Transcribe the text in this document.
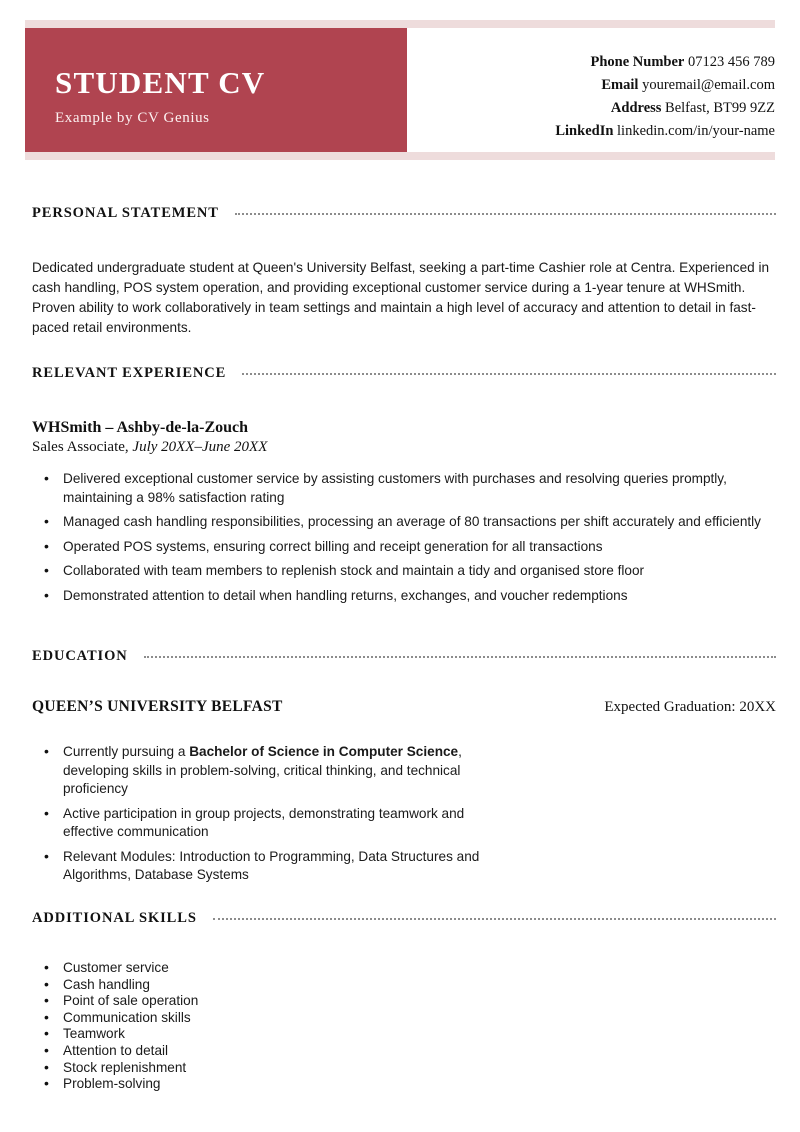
STUDENT CV
Example by CV Genius
Phone Number 07123 456 789
Email youremail@email.com
Address Belfast, BT99 9ZZ
LinkedIn linkedin.com/in/your-name
PERSONAL STATEMENT
Dedicated undergraduate student at Queen's University Belfast, seeking a part-time Cashier role at Centra. Experienced in cash handling, POS system operation, and providing exceptional customer service during a 1-year tenure at WHSmith. Proven ability to work collaboratively in team settings and maintain a high level of accuracy and attention to detail in fast-paced retail environments.
RELEVANT EXPERIENCE
WHSmith – Ashby-de-la-Zouch
Sales Associate, July 20XX–June 20XX
• Delivered exceptional customer service by assisting customers with purchases and resolving queries promptly, maintaining a 98% satisfaction rating
• Managed cash handling responsibilities, processing an average of 80 transactions per shift accurately and efficiently
• Operated POS systems, ensuring correct billing and receipt generation for all transactions
• Collaborated with team members to replenish stock and maintain a tidy and organised store floor
• Demonstrated attention to detail when handling returns, exchanges, and voucher redemptions
EDUCATION
QUEEN’S UNIVERSITY BELFAST	Expected Graduation: 20XX
• Currently pursuing a Bachelor of Science in Computer Science, developing skills in problem-solving, critical thinking, and technical proficiency
• Active participation in group projects, demonstrating teamwork and effective communication
• Relevant Modules: Introduction to Programming, Data Structures and Algorithms, Database Systems
ADDITIONAL SKILLS
• Customer service
• Cash handling
• Point of sale operation
• Communication skills
• Teamwork
• Attention to detail
• Stock replenishment
• Problem-solving
